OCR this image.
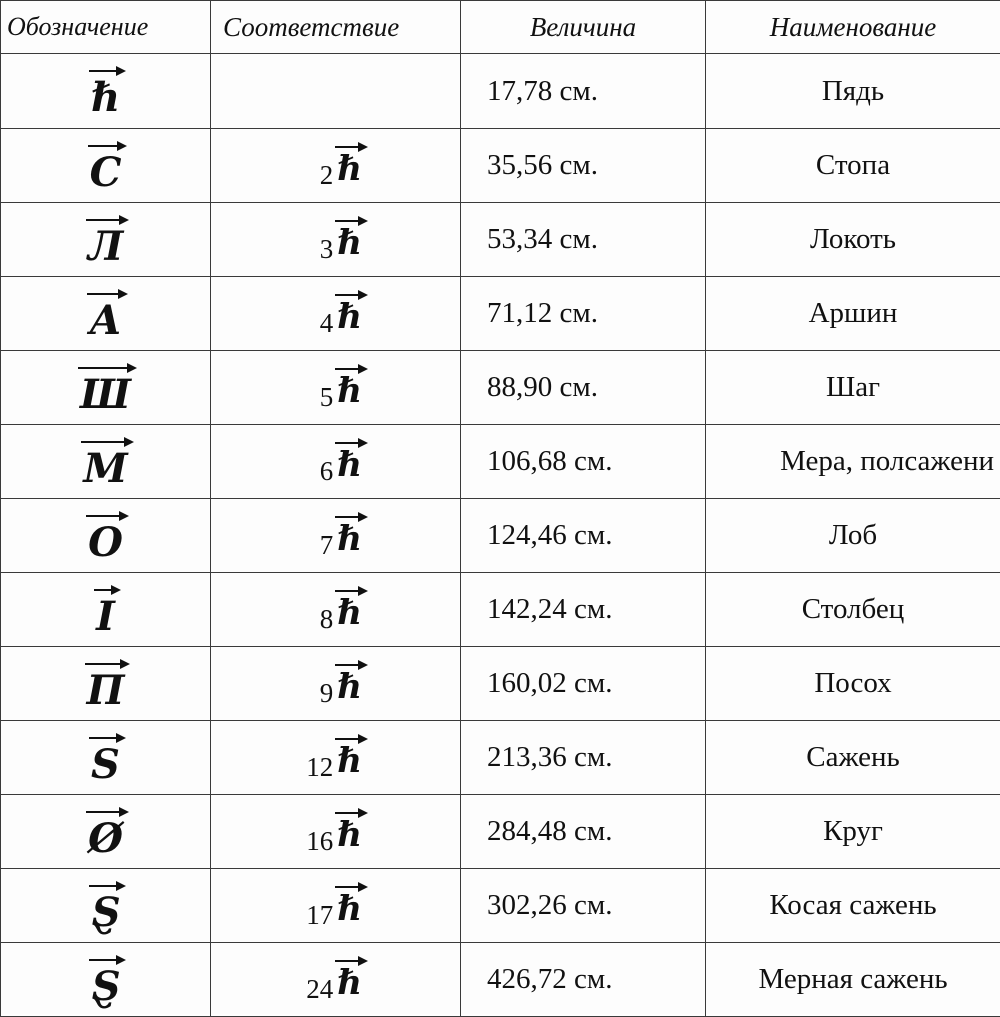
Обозначение	Соответствие	Величина	Наименование

ℏ		17,78 см.	Пядь

C	2 ℏ	35,56 см.	Стопа

Л	3 ℏ	53,34 см.	Локоть

А	4 ℏ	71,12 см.	Аршин

Ш	5 ℏ	88,90 см.	Шаг

М	6 ℏ	106,68 см.	Мера, полсажени

О	7 ℏ	124,46 см.	Лоб

I	8 ℏ	142,24 см.	Столбец

П	9 ℏ	160,02 см.	Посох

S	12 ℏ	213,36 см.	Сажень

Ø	16 ℏ	284,48 см.	Круг

Ȿ	17 ℏ	302,26 см.	Косая сажень

Ȿ	24 ℏ	426,72 см.	Мерная сажень
